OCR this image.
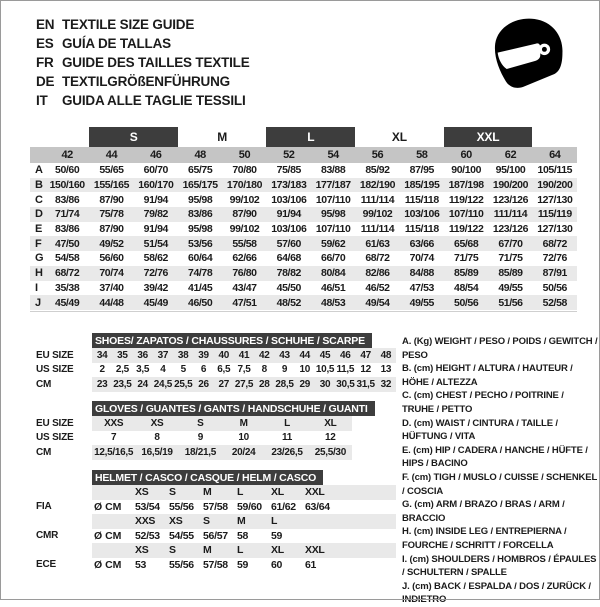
EN TEXTILE SIZE GUIDE
ES GUÍA DE TALLAS
FR GUIDE DES TAILLES TEXTILE
DE TEXTILGRÖßENFÜHRUNG
IT	GUIDA ALLE TAGLIE TESSILI
S	M	L	XL	XXL
42	44	46	48	50	52	54	56	58	60	62	64
A	50/60	55/65	60/70	65/75	70/80	75/85	83/88	85/92	87/95	90/100	95/100	105/115
B 150/160 155/165 160/170 165/175 170/180 173/183 177/187 182/190 185/195 187/198 190/200 190/200
C	83/86	87/90	91/94	95/98	99/102	103/106 107/110 111/114	115/118 119/122 123/126 127/130
D	71/74	75/78	79/82	83/86	87/90	91/94	95/98	99/102	103/106 107/110 111/114	115/119
E	83/86	87/90	91/94	95/98	99/102	103/106 107/110 111/114	115/118 119/122 123/126 127/130
F	47/50	49/52	51/54	53/56	55/58	57/60	59/62	61/63	63/66	65/68	67/70	68/72
G	54/58	56/60	58/62	60/64	62/66	64/68	66/70	68/72	70/74	71/75	71/75	72/76
H	68/72	70/74	72/76	74/78	76/80	78/82	80/84	82/86	84/88	85/89	85/89	87/91
I	35/38	37/40	39/42	41/45	43/47	45/50	46/51	46/52	47/53	48/54	49/55	50/56
J	45/49	44/48	45/49	46/50	47/51	48/52	48/53	49/54	49/55	50/56	51/56	52/58
SHOES/ ZAPATOS / CHAUSSURES / SCHUHE / SCARPE
EU SIZE	34 35 36 37 38 39 40 41 42 43 44 45 46 47 48
US SIZE	2	2,5 3,5	4	5	6	6,5 7,5	8	9	10 10,5 11,5 12 13
CM	23 23,5 24 24,5 25,5 26 27 27,5 28 28,5 29 30 30,5 31,5 32
GLOVES / GUANTES / GANTS / HANDSCHUHE / GUANTI
EU SIZE	XXS	XS	S	M	L	XL
US SIZE	7	8	9	10	11	12
CM	12,5/16,5 16,5/19	18/21,5	20/24	23/26,5	25,5/30
HELMET / CASCO / CASQUE / HELM / CASCO
XS	S	M	L	XL	XXL
FIA	Ø CM	53/54 55/56 57/58 59/60 61/62 63/64
XXS	XS	S	M	L
CMR	Ø CM	52/53 54/55 56/57 58	59
XS	S	M	L	XL	XXL
ECE	Ø CM	53	55/56 57/58 59	60	61
A. (Kg) WEIGHT / PESO / POIDS / GEWITCH / PESO
B. (cm) HEIGHT / ALTURA / HAUTEUR / HÖHE / ALTEZZA
C. (cm) CHEST / PECHO / POITRINE / TRUHE / PETTO
D. (cm) WAIST / CINTURA / TAILLE / HÜFTUNG / VITA
E. (cm) HIP / CADERA / HANCHE / HÜFTE / HIPS / BACINO
F. (cm) TIGH / MUSLO / CUISSE / SCHENKEL / COSCIA
G. (cm) ARM / BRAZO / BRAS / ARM / BRACCIO
H. (cm) INSIDE LEG / ENTREPIERNA / FOURCHE / SCHRITT / FORCELLA
I. (cm) SHOULDERS / HOMBROS / ÉPAULES / SCHULTERN / SPALLE
J. (cm) BACK / ESPALDA / DOS / ZURÜCK / INDIETRO
